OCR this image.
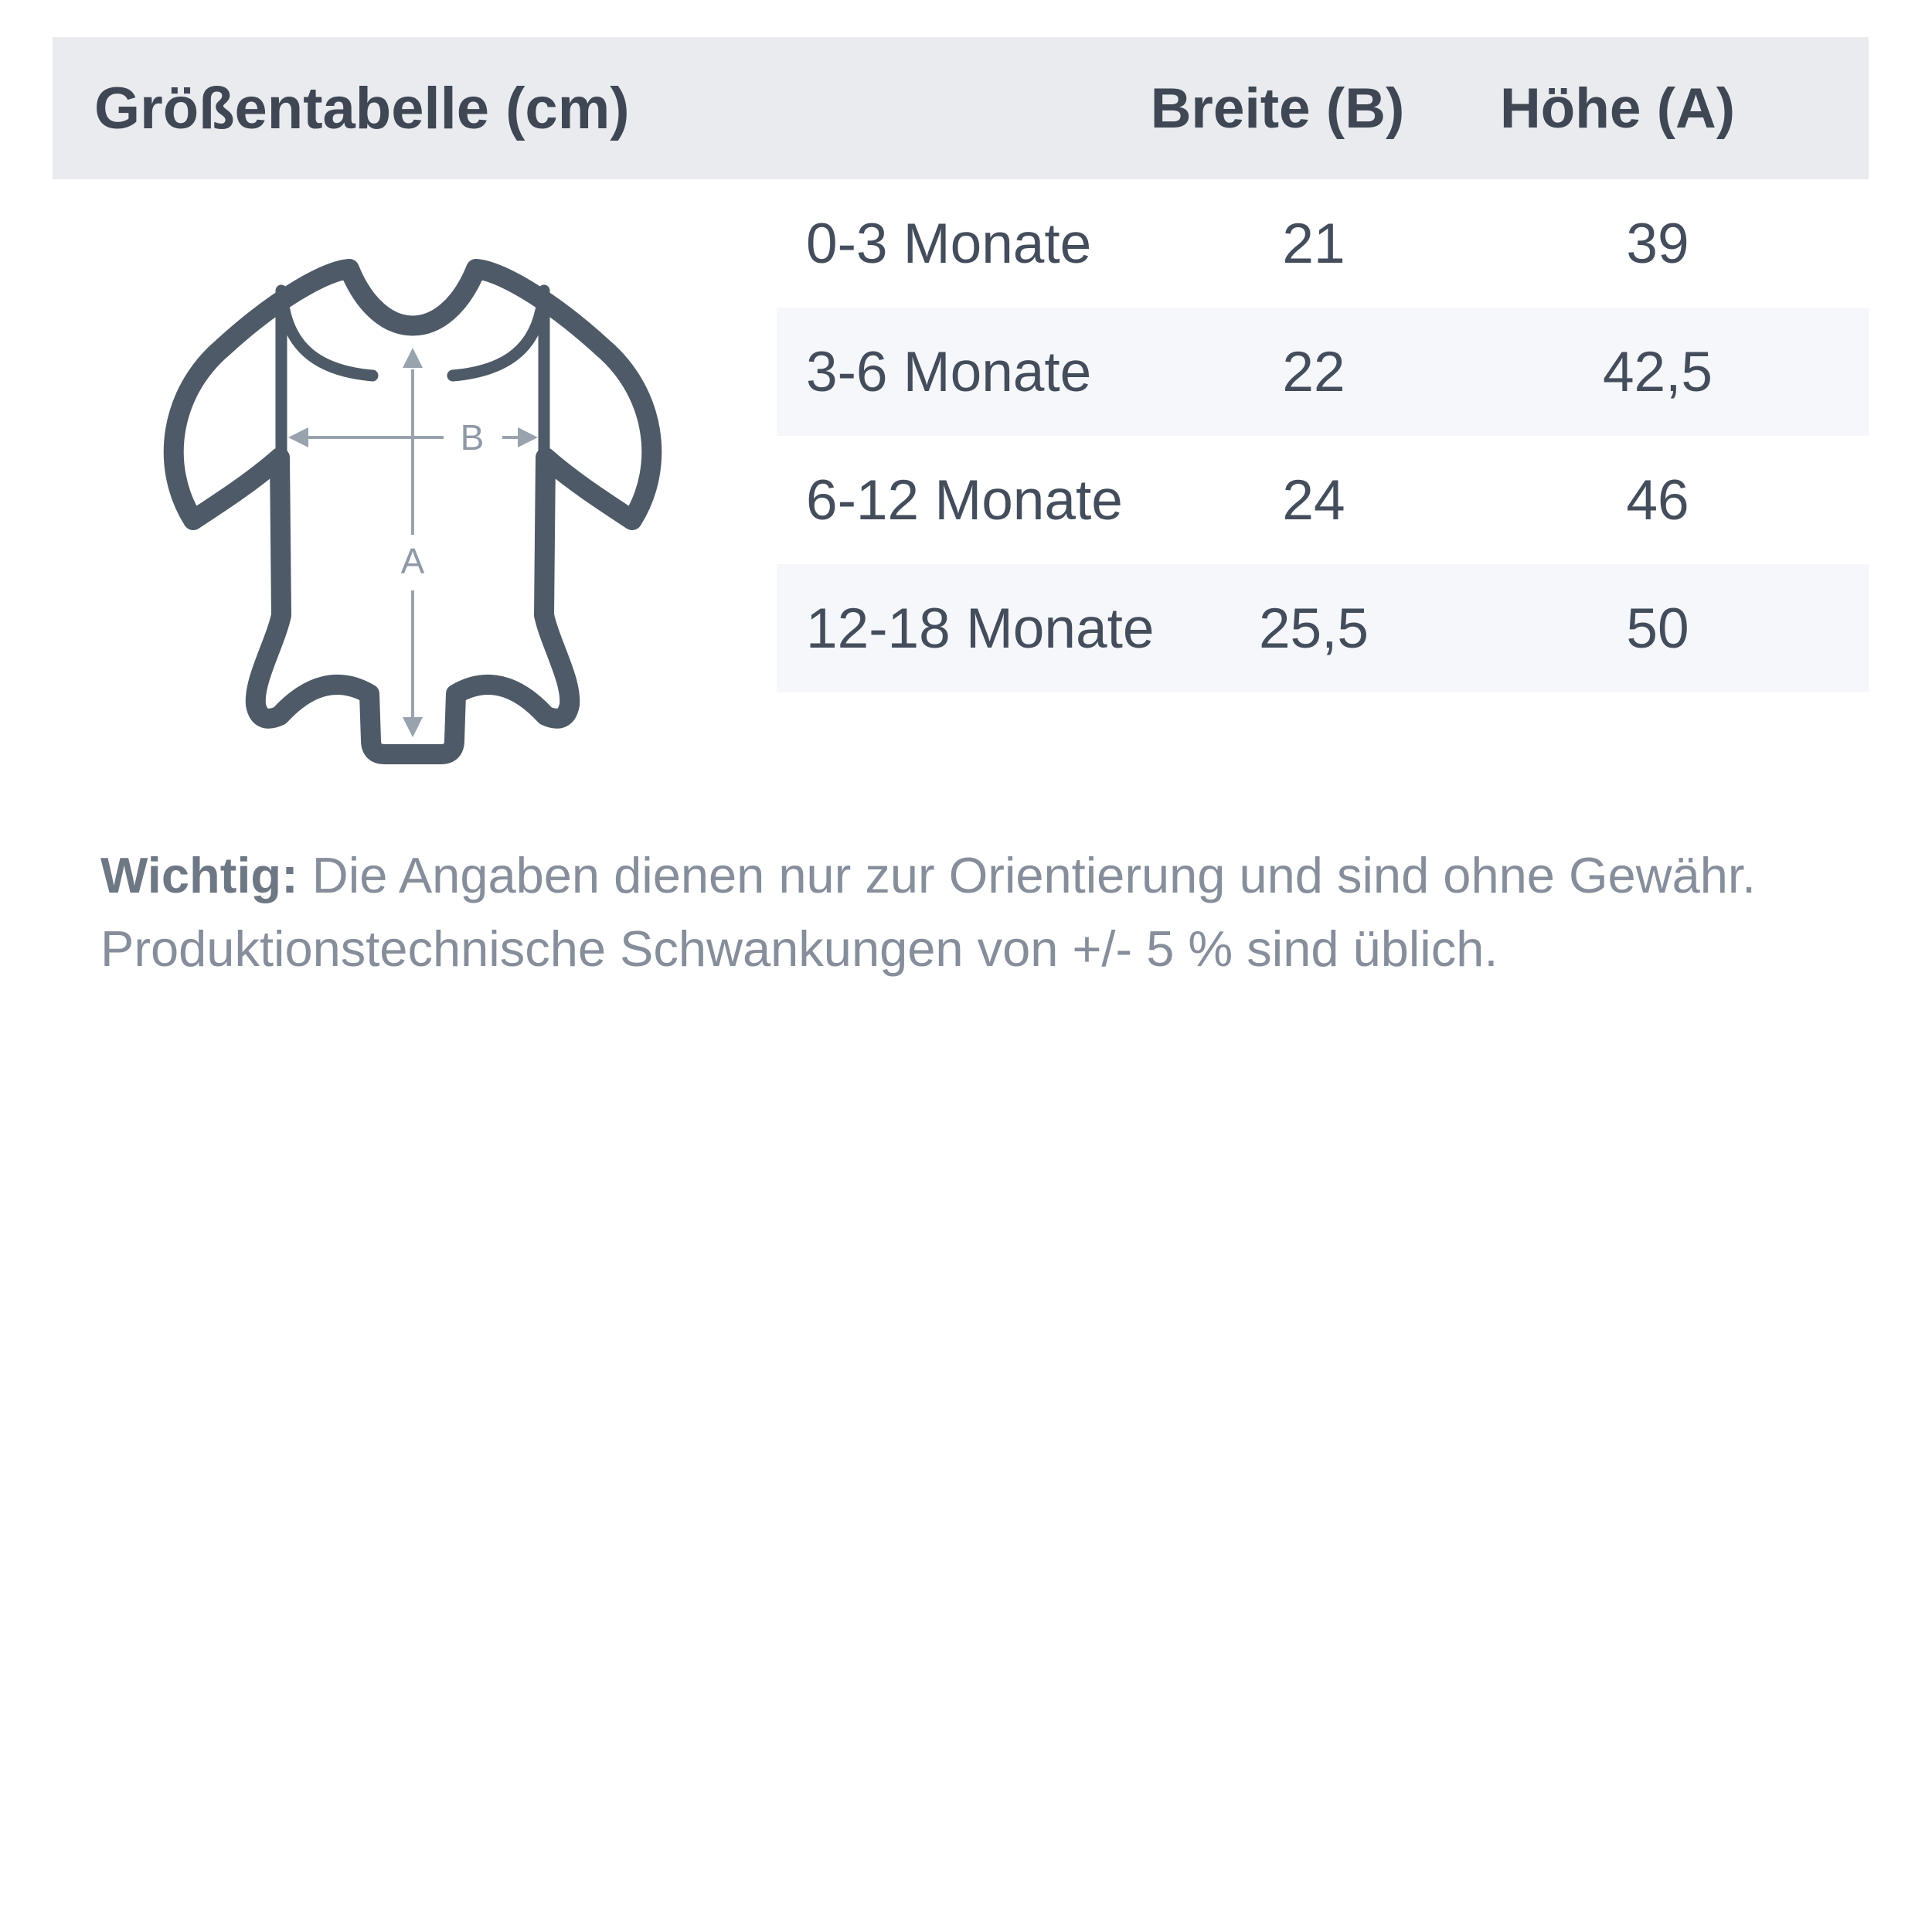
Größentabelle (cm)	Breite (B)	Höhe (A)
A
B
0-3 Monate	21	39
3-6 Monate	22	42,5
6-12 Monate	24	46
12-18 Monate	25,5	50
Wichtig: Die Angaben dienen nur zur Orientierung und sind ohne Gewähr.
Produktionstechnische Schwankungen von +/- 5 % sind üblich.
